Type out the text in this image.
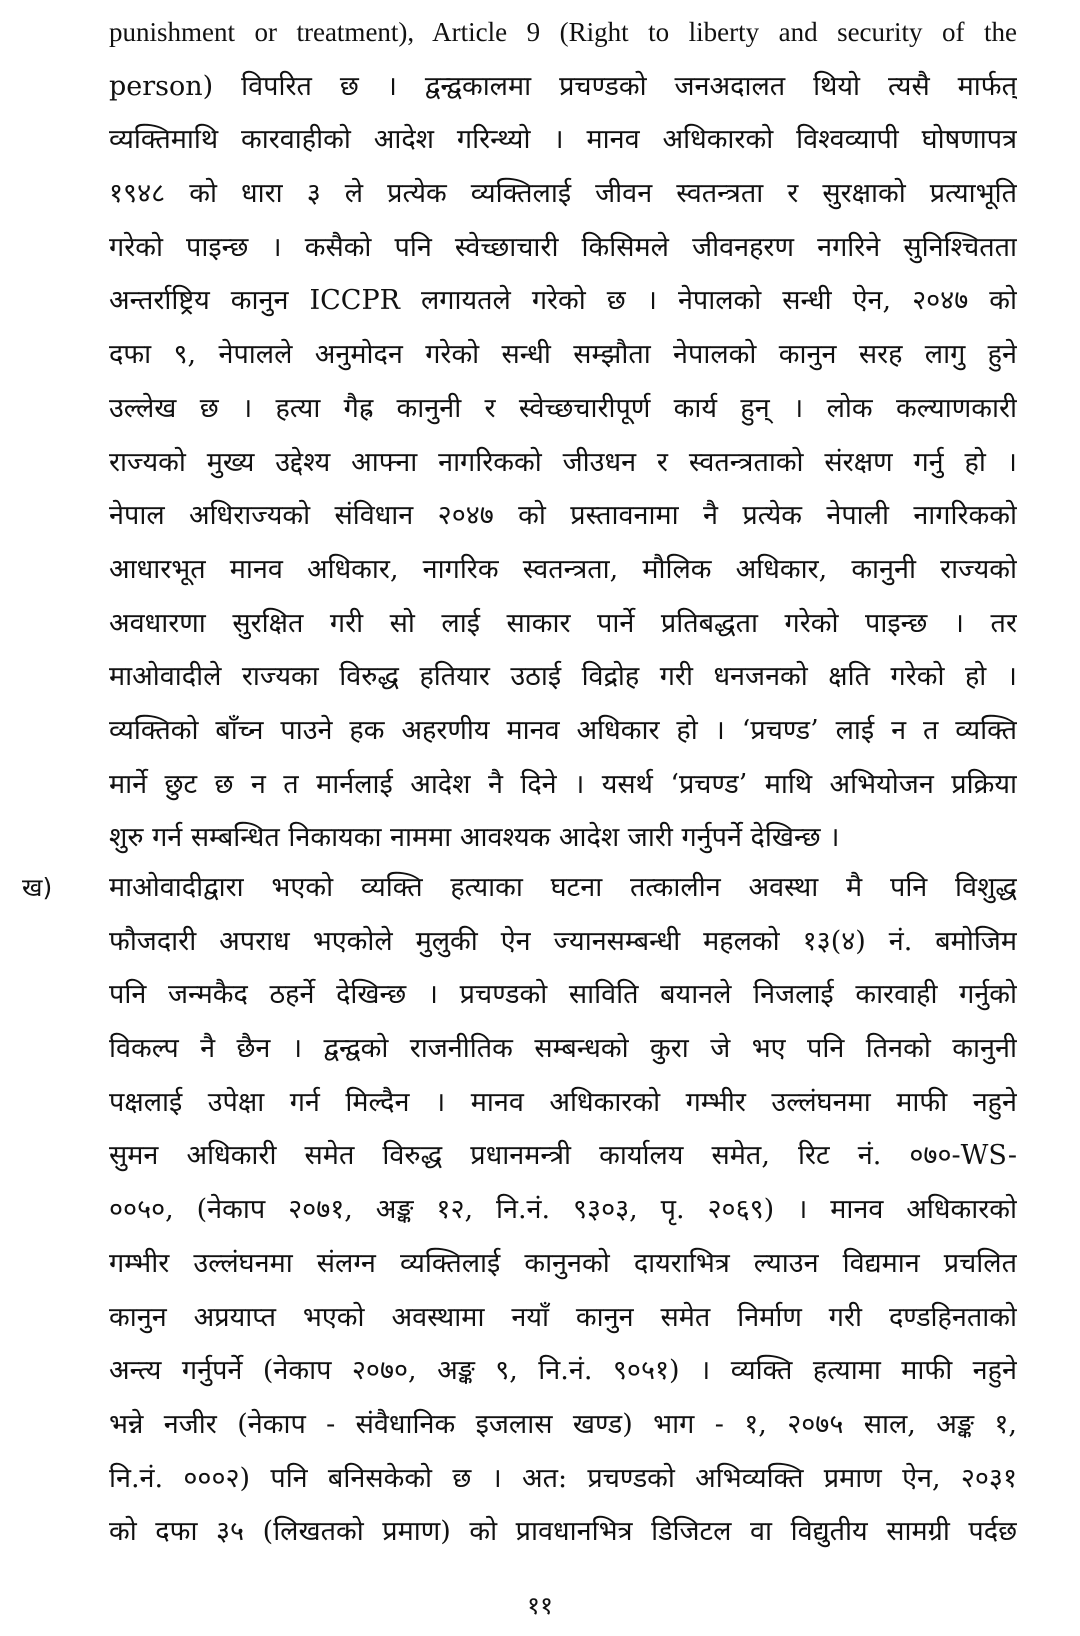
punishment or treatment), Article 9 (Right to liberty and security of the
person) विपरित छ । द्वन्द्वकालमा प्रचण्डको जनअदालत थियो त्यसै मार्फत्
व्यक्तिमाथि कारवाहीको आदेश गरिन्थ्यो । मानव अधिकारको विश्वव्यापी घोषणापत्र
१९४८ को धारा ३ ले प्रत्येक व्यक्तिलाई जीवन स्वतन्त्रता र सुरक्षाको प्रत्याभूति
गरेको पाइन्छ । कसैको पनि स्वेच्छाचारी किसिमले जीवनहरण नगरिने सुनिश्चितता
अन्तर्राष्ट्रिय कानुन ICCPR लगायतले गरेको छ । नेपालको सन्धी ऐन, २०४७ को
दफा ९, नेपालले अनुमोदन गरेको सन्धी सम्झौता नेपालको कानुन सरह लागु हुने
उल्लेख छ । हत्या गैह्र कानुनी र स्वेच्छचारीपूर्ण कार्य हुन् । लोक कल्याणकारी
राज्यको मुख्य उद्देश्य आफ्ना नागरिकको जीउधन र स्वतन्त्रताको संरक्षण गर्नु हो ।
नेपाल अधिराज्यको संविधान २०४७ को प्रस्तावनामा नै प्रत्येक नेपाली नागरिकको
आधारभूत मानव अधिकार, नागरिक स्वतन्त्रता, मौलिक अधिकार, कानुनी राज्यको
अवधारणा सुरक्षित गरी सो लाई साकार पार्ने प्रतिबद्धता गरेको पाइन्छ । तर
माओवादीले राज्यका विरुद्ध हतियार उठाई विद्रोह गरी धनजनको क्षति गरेको हो ।
व्यक्तिको बाँच्न पाउने हक अहरणीय मानव अधिकार हो । ‘प्रचण्ड’ लाई न त व्यक्ति
मार्ने छुट छ न त मार्नलाई आदेश नै दिने । यसर्थ ‘प्रचण्ड’ माथि अभियोजन प्रक्रिया
शुरु गर्न सम्बन्धित निकायका नाममा आवश्यक आदेश जारी गर्नुपर्ने देखिन्छ ।
ख) माओवादीद्वारा भएको व्यक्ति हत्याका घटना तत्कालीन अवस्था मै पनि विशुद्ध
फौजदारी अपराध भएकोले मुलुकी ऐन ज्यानसम्बन्धी महलको १३(४) नं. बमोजिम
पनि जन्मकैद ठहर्ने देखिन्छ । प्रचण्डको साविति बयानले निजलाई कारवाही गर्नुको
विकल्प नै छैन । द्वन्द्वको राजनीतिक सम्बन्धको कुरा जे भए पनि तिनको कानुनी
पक्षलाई उपेक्षा गर्न मिल्दैन । मानव अधिकारको गम्भीर उल्लंघनमा माफी नहुने
सुमन अधिकारी समेत विरुद्ध प्रधानमन्त्री कार्यालय समेत, रिट नं. ०७०-WS-
००५०, (नेकाप २०७१, अङ्क १२, नि.नं. ९३०३, पृ. २०६९) । मानव अधिकारको
गम्भीर उल्लंघनमा संलग्न व्यक्तिलाई कानुनको दायराभित्र ल्याउन विद्यमान प्रचलित
कानुन अप्रयाप्त भएको अवस्थामा नयाँ कानुन समेत निर्माण गरी दण्डहिनताको
अन्त्य गर्नुपर्ने (नेकाप २०७०, अङ्क ९, नि.नं. ९०५१) । व्यक्ति हत्यामा माफी नहुने
भन्ने नजीर (नेकाप - संवैधानिक इजलास खण्ड) भाग - १, २०७५ साल, अङ्क १,
नि.नं. ०००२) पनि बनिसकेको छ । अत: प्रचण्डको अभिव्यक्ति प्रमाण ऐन, २०३१
को दफा ३५ (लिखतको प्रमाण) को प्रावधानभित्र डिजिटल वा विद्युतीय सामग्री पर्दछ
११
